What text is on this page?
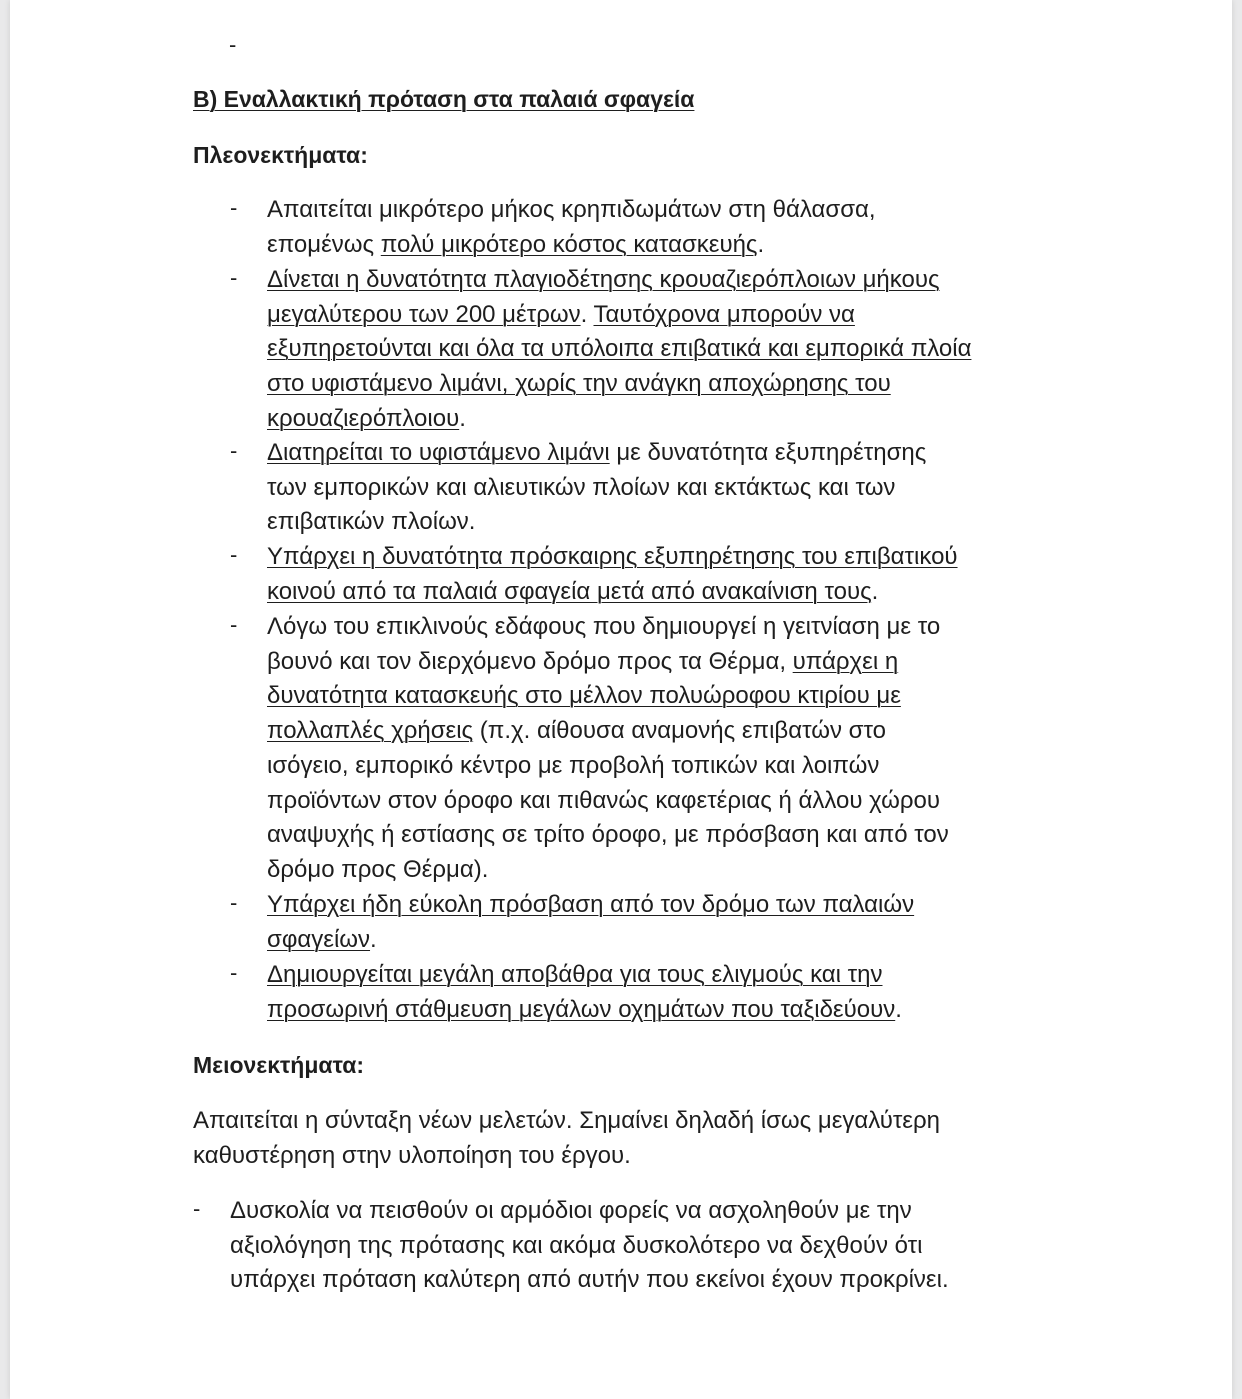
-
B) Εναλλακτική πρόταση στα παλαιά σφαγεία
Πλεονεκτήματα:
- Απαιτείται μικρότερο μήκος κρηπιδωμάτων στη θάλασσα,
επομένως πολύ μικρότερο κόστος κατασκευής.
- Δίνεται η δυνατότητα πλαγιοδέτησης κρουαζιερόπλοιων μήκους
μεγαλύτερου των 200 μέτρων. Ταυτόχρονα μπορούν να
εξυπηρετούνται και όλα τα υπόλοιπα επιβατικά και εμπορικά πλοία
στο υφιστάμενο λιμάνι, χωρίς την ανάγκη αποχώρησης του
κρουαζιερόπλοιου.
- Διατηρείται το υφιστάμενο λιμάνι με δυνατότητα εξυπηρέτησης
των εμπορικών και αλιευτικών πλοίων και εκτάκτως και των
επιβατικών πλοίων.
- Υπάρχει η δυνατότητα πρόσκαιρης εξυπηρέτησης του επιβατικού
κοινού από τα παλαιά σφαγεία μετά από ανακαίνιση τους.
- Λόγω του επικλινούς εδάφους που δημιουργεί η γειτνίαση με το
βουνό και τον διερχόμενο δρόμο προς τα Θέρμα, υπάρχει η
δυνατότητα κατασκευής στο μέλλον πολυώροφου κτιρίου με
πολλαπλές χρήσεις (π.χ. αίθουσα αναμονής επιβατών στο
ισόγειο, εμπορικό κέντρο με προβολή τοπικών και λοιπών
προϊόντων στον όροφο και πιθανώς καφετέριας ή άλλου χώρου
αναψυχής ή εστίασης σε τρίτο όροφο, με πρόσβαση και από τον
δρόμο προς Θέρμα).
- Υπάρχει ήδη εύκολη πρόσβαση από τον δρόμο των παλαιών
σφαγείων.
- Δημιουργείται μεγάλη αποβάθρα για τους ελιγμούς και την
προσωρινή στάθμευση μεγάλων οχημάτων που ταξιδεύουν.
Μειονεκτήματα:
Απαιτείται η σύνταξη νέων μελετών. Σημαίνει δηλαδή ίσως μεγαλύτερη
καθυστέρηση στην υλοποίηση του έργου.
- Δυσκολία να πεισθούν οι αρμόδιοι φορείς να ασχοληθούν με την
αξιολόγηση της πρότασης και ακόμα δυσκολότερο να δεχθούν ότι
υπάρχει πρόταση καλύτερη από αυτήν που εκείνοι έχουν προκρίνει.
